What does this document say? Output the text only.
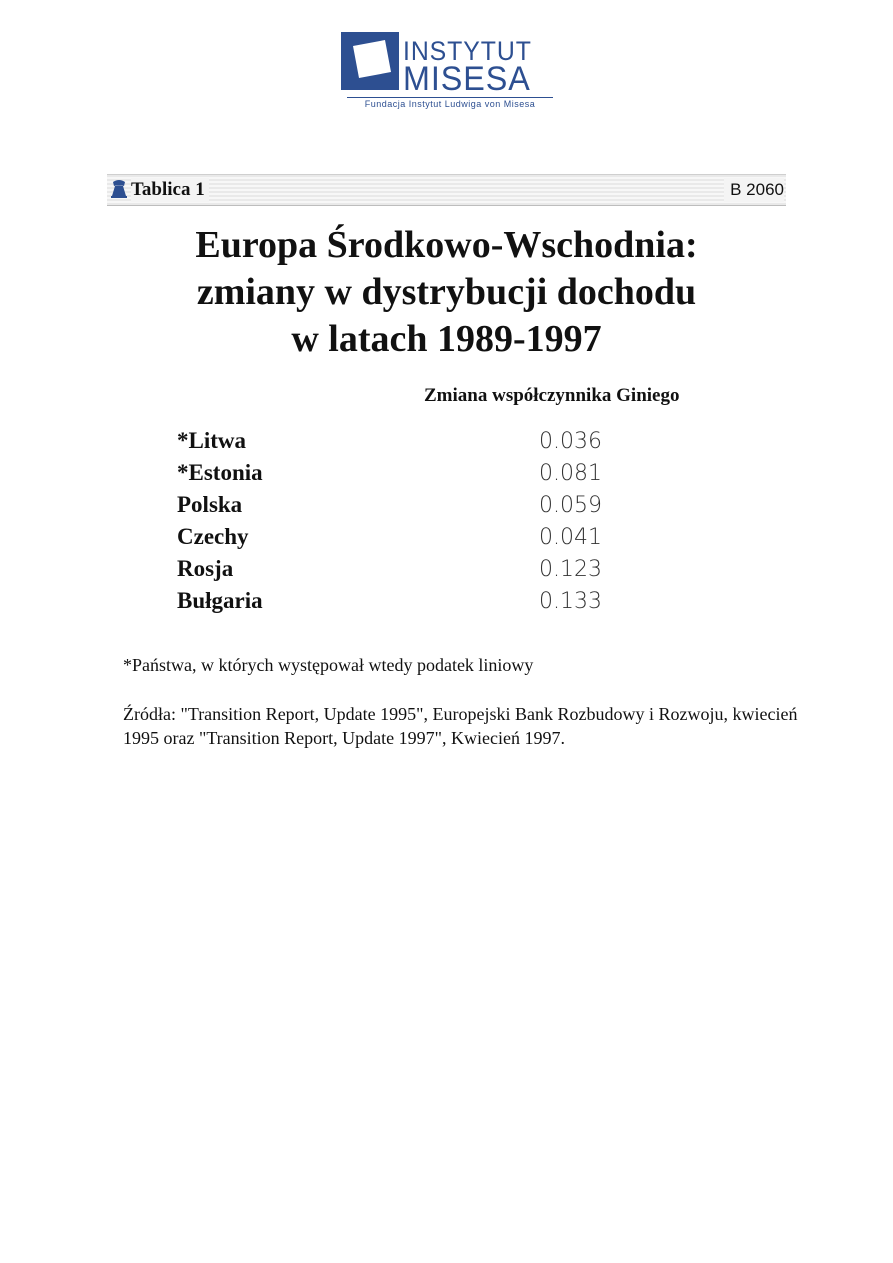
INSTYTUT
MISESA
Fundacja Instytut Ludwiga von Misesa
Tablica 1	B 2060
Europa Środkowo-Wschodnia:
zmiany w dystrybucji dochodu
w latach 1989-1997
Zmiana współczynnika Giniego
*Litwa	0.036
*Estonia	0.081
Polska	0.059
Czechy	0.041
Rosja	0.123
Bułgaria	0.133
*Państwa, w których występował wtedy podatek liniowy
Źródła: "Transition Report, Update 1995", Europejski Bank Rozbudowy i Rozwoju, kwiecień 1995 oraz "Transition Report, Update 1997", Kwiecień 1997.
